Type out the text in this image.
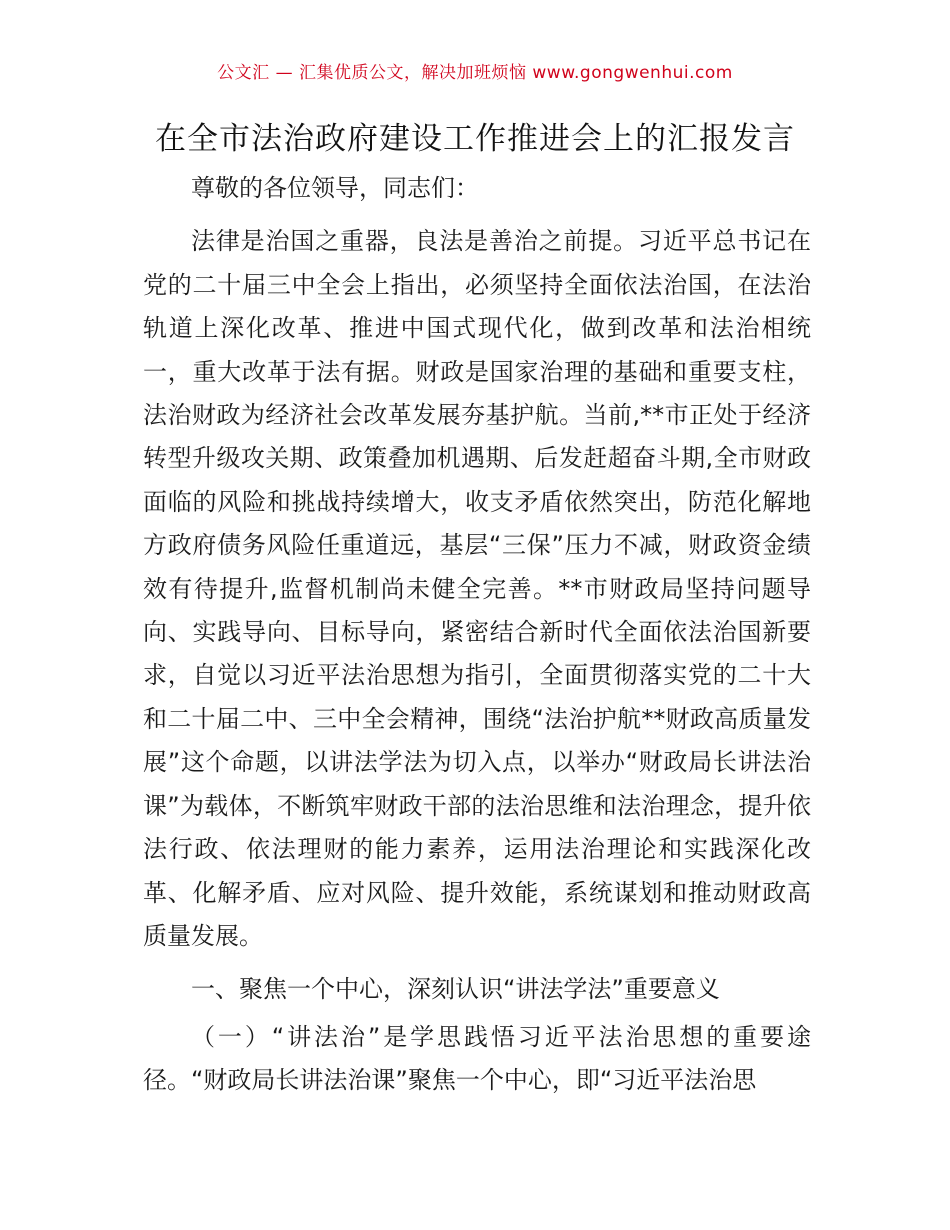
公文汇 — 汇集优质公文，解决加班烦恼 www.gongwenhui.com
在全市法治政府建设工作推进会上的汇报发言

尊敬的各位领导，同志们：

法律是治国之重器，良法是善治之前提。习近平总书记在党的二十届三中全会上指出，必须坚持全面依法治国，在法治轨道上深化改革、推进中国式现代化，做到改革和法治相统一，重大改革于法有据。财政是国家治理的基础和重要支柱，法治财政为经济社会改革发展夯基护航。当前,**市正处于经济转型升级攻关期、政策叠加机遇期、后发赶超奋斗期,全市财政面临的风险和挑战持续增大，收支矛盾依然突出，防范化解地方政府债务风险任重道远，基层“三保”压力不减，财政资金绩效有待提升,监督机制尚未健全完善。**市财政局坚持问题导向、实践导向、目标导向，紧密结合新时代全面依法治国新要求，自觉以习近平法治思想为指引，全面贯彻落实党的二十大和二十届二中、三中全会精神，围绕“法治护航**财政高质量发展”这个命题，以讲法学法为切入点，以举办“财政局长讲法治课”为载体，不断筑牢财政干部的法治思维和法治理念，提升依法行政、依法理财的能力素养，运用法治理论和实践深化改革、化解矛盾、应对风险、提升效能，系统谋划和推动财政高质量发展。

一、聚焦一个中心，深刻认识“讲法学法”重要意义

（一）“讲法治”是学思践悟习近平法治思想的重要途径。“财政局长讲法治课”聚焦一个中心，即“习近平法治思
